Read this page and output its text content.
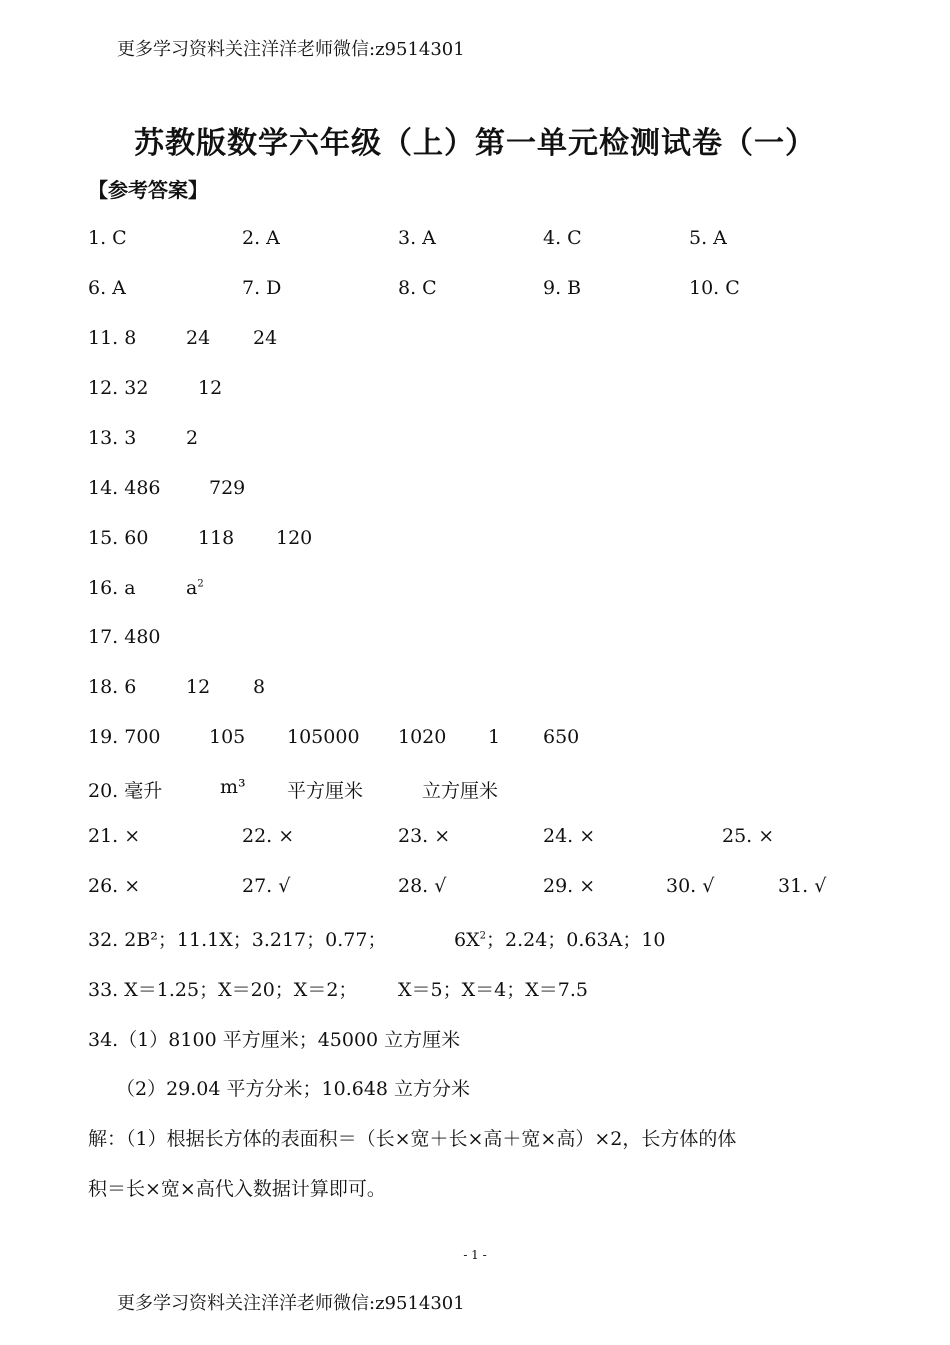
更多学习资料关注洋洋老师微信:z9514301
苏教版数学六年级（上）第一单元检测试卷（一）
【参考答案】
1. C	2. A	3. A	4. C	5. A
6. A	7. D	8. C	9. B	10. C
11. 8	24 24
12. 32	12
13. 3	2
14. 486	729
15. 60	118 120
16. a	$a^2$
17. 480
18. 6	12 8
19. 700	105 105000 1020 1 650
20. 毫升	m³ 平方厘米	立方厘米
21. ×	22. ×	23. ×	24. ×	25. ×
26. ×	27. √	28. √	29. ×	30. √	31. √
32. 2B²；11.1X；3.217；0.77；	$6X^2$；2.24；0.63A；10
33. X＝1.25；X＝20；X＝2； X＝5；X＝4；X＝7.5
34.（1）8100 平方厘米；45000 立方厘米
（2）29.04 平方分米；10.648 立方分米
解：（1）根据长方体的表面积＝（长×宽＋长×高＋宽×高）×2，长方体的体
积＝长×宽×高代入数据计算即可。
- 1 -
更多学习资料关注洋洋老师微信:z9514301
